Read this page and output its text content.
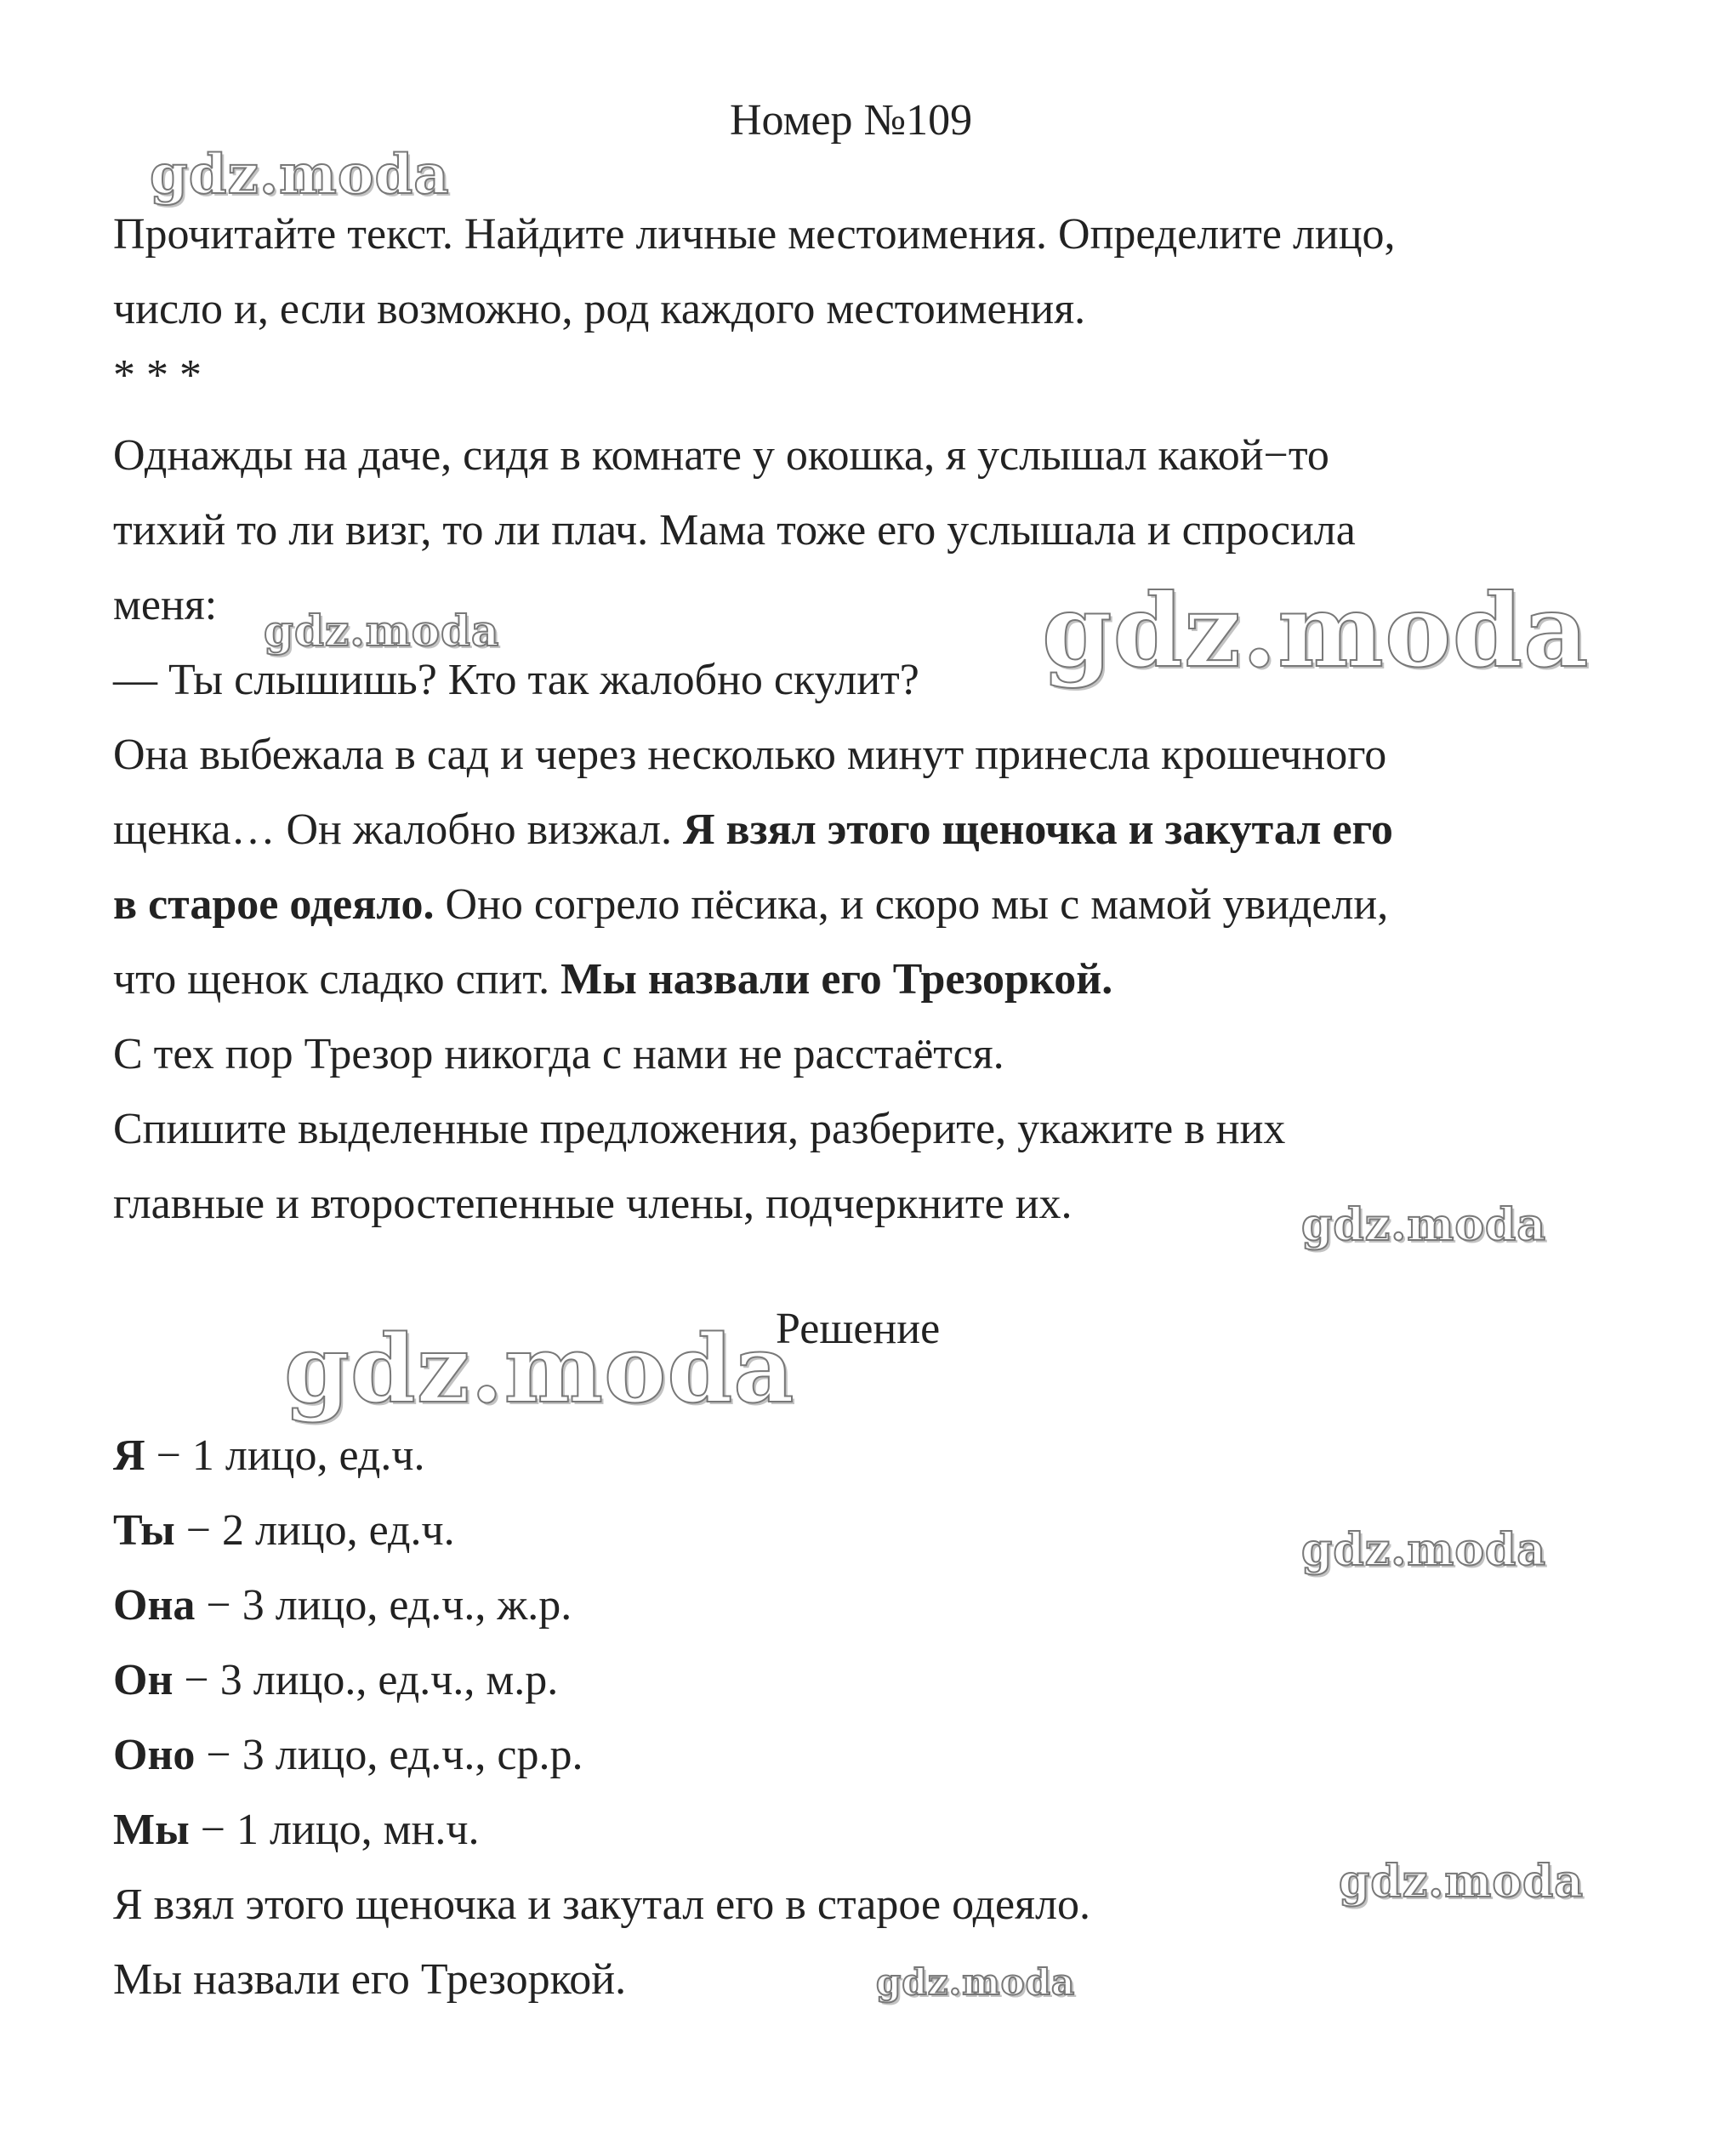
Номер №109
Прочитайте текст. Найдите личные местоимения. Определите лицо,
число и, если возможно, род каждого местоимения.
* * *
Однажды на даче, сидя в комнате у окошка, я услышал какой−то
тихий то ли визг, то ли плач. Мама тоже его услышала и спросила
меня:
— Ты слышишь? Кто так жалобно скулит?
Она выбежала в сад и через несколько минут принесла крошечного
щенка… Он жалобно визжал. Я взял этого щеночка и закутал его
в старое одеяло. Оно согрело пёсика, и скоро мы с мамой увидели,
что щенок сладко спит. Мы назвали его Трезоркой.
С тех пор Трезор никогда с нами не расстаётся.
Спишите выделенные предложения, разберите, укажите в них
главные и второстепенные члены, подчеркните их.
Решение
Я − 1 лицо, ед.ч.
Ты − 2 лицо, ед.ч.
Она − 3 лицо, ед.ч., ж.р.
Он − 3 лицо., ед.ч., м.р.
Оно − 3 лицо, ед.ч., ср.р.
Мы − 1 лицо, мн.ч.
Я взял этого щеночка и закутал его в старое одеяло.
Мы назвали его Трезоркой.
gdz.moda
gdz.moda	gdz.moda
gdz.moda
gdz.moda
gdz.moda
gdz.moda
gdz.moda
